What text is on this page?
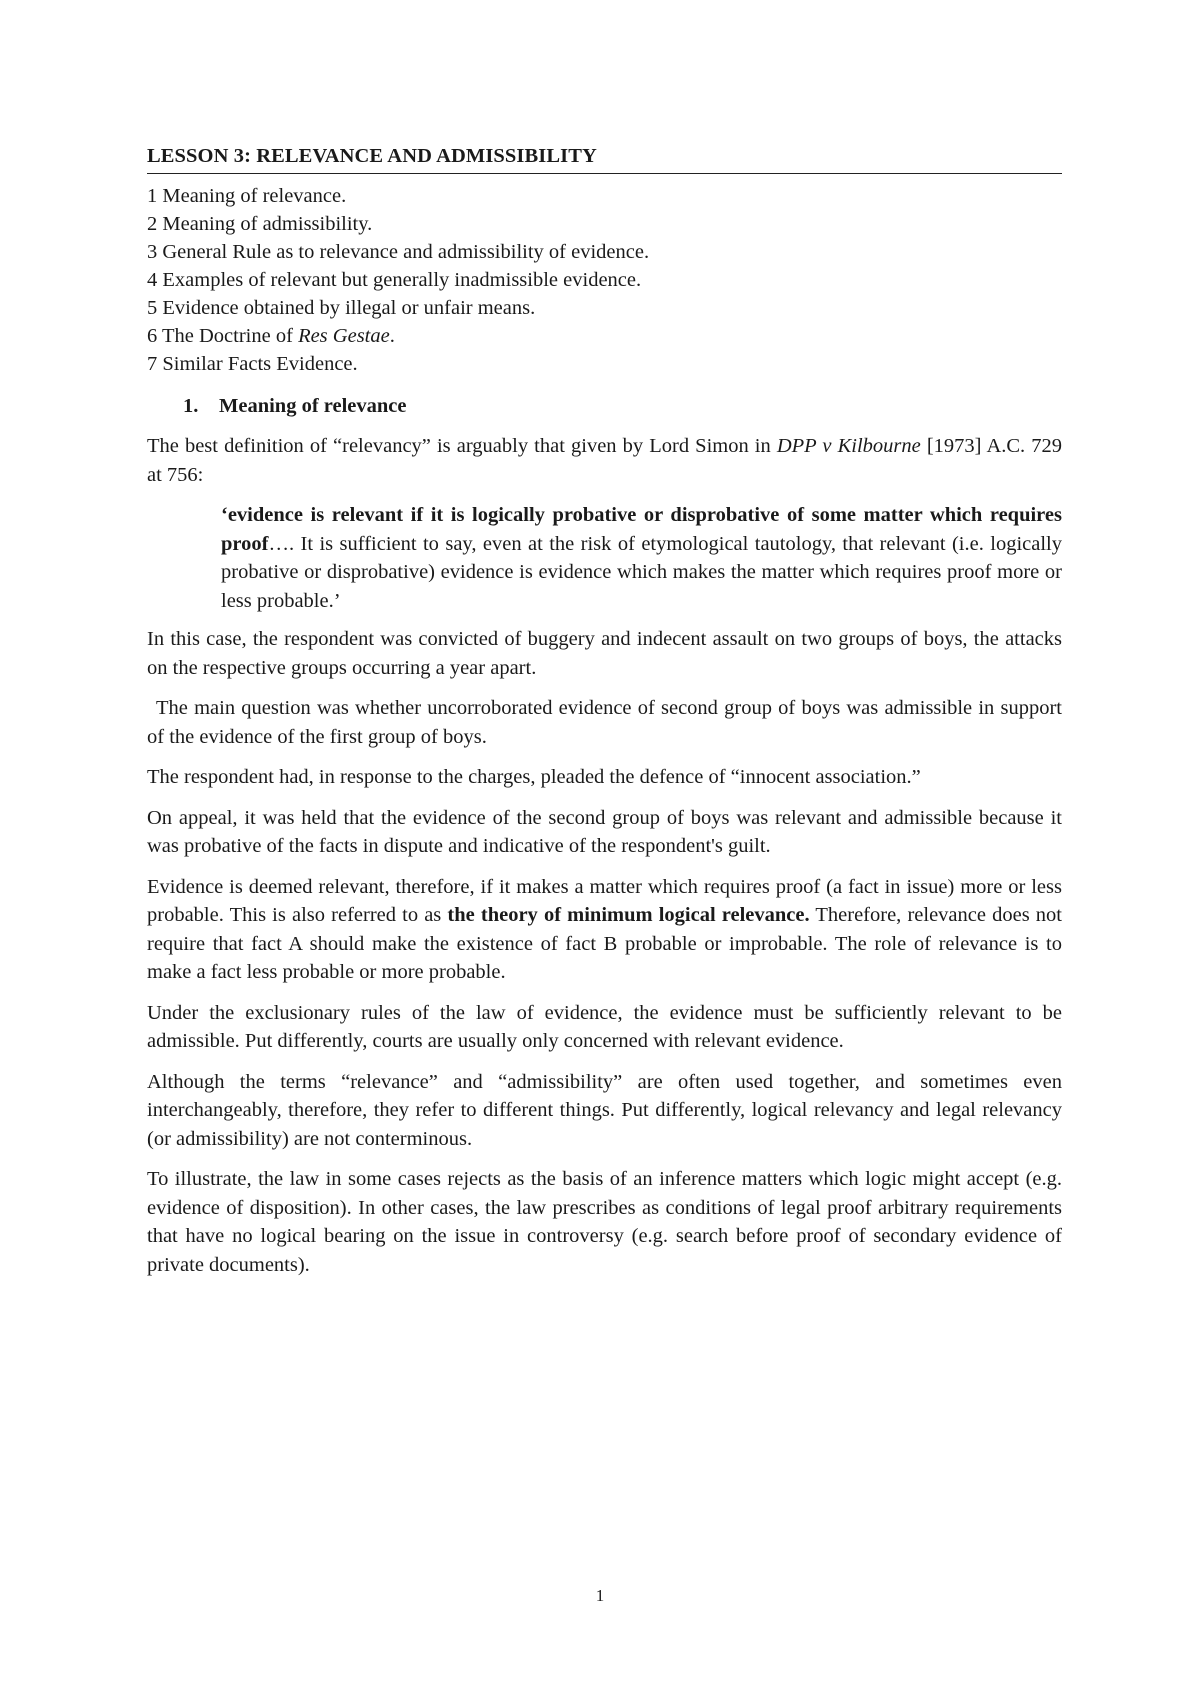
LESSON 3: RELEVANCE AND ADMISSIBILITY
1 Meaning of relevance.
2 Meaning of admissibility.
3 General Rule as to relevance and admissibility of evidence.
4 Examples of relevant but generally inadmissible evidence.
5 Evidence obtained by illegal or unfair means.
6 The Doctrine of Res Gestae.
7 Similar Facts Evidence.
1. Meaning of relevance

The best definition of “relevancy” is arguably that given by Lord Simon in DPP v Kilbourne [1973] A.C. 729 at 756:

‘evidence is relevant if it is logically probative or disprobative of some matter which requires proof…. It is sufficient to say, even at the risk of etymological tautology, that relevant (i.e. logically probative or disprobative) evidence is evidence which makes the matter which requires proof more or less probable.’

In this case, the respondent was convicted of buggery and indecent assault on two groups of boys, the attacks on the respective groups occurring a year apart.

The main question was whether uncorroborated evidence of second group of boys was admissible in support of the evidence of the first group of boys.

The respondent had, in response to the charges, pleaded the defence of “innocent association.”

On appeal, it was held that the evidence of the second group of boys was relevant and admissible because it was probative of the facts in dispute and indicative of the respondent's guilt.

Evidence is deemed relevant, therefore, if it makes a matter which requires proof (a fact in issue) more or less probable. This is also referred to as the theory of minimum logical relevance. Therefore, relevance does not require that fact A should make the existence of fact B probable or improbable. The role of relevance is to make a fact less probable or more probable.

Under the exclusionary rules of the law of evidence, the evidence must be sufficiently relevant to be admissible. Put differently, courts are usually only concerned with relevant evidence.

Although the terms “relevance” and “admissibility” are often used together, and sometimes even interchangeably, therefore, they refer to different things. Put differently, logical relevancy and legal relevancy (or admissibility) are not conterminous.

To illustrate, the law in some cases rejects as the basis of an inference matters which logic might accept (e.g. evidence of disposition). In other cases, the law prescribes as conditions of legal proof arbitrary requirements that have no logical bearing on the issue in controversy (e.g. search before proof of secondary evidence of private documents).

1
